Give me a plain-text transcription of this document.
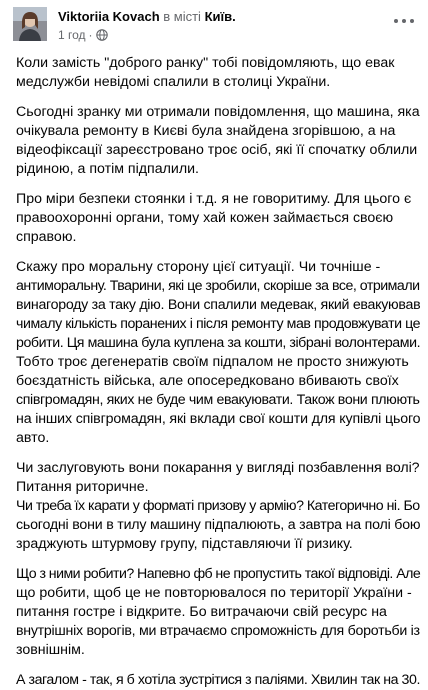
Viktoriia Kovach в місті Київ.
1 год ·
Коли замість "доброго ранку" тобі повідомляють, що евак
медслужби невідомі спалили в столиці України.
Сьогодні зранку ми отримали повідомлення, що машина, яка
очікувала ремонту в Києві була знайдена згорівшою, а на
відеофіксації зареєстровано троє осіб, які її спочатку облили
рідиною, а потім підпалили.
Про міри безпеки стоянки і т.д. я не говоритиму. Для цього є
правоохоронні органи, тому хай кожен займається своєю
справою.
Скажу про моральну сторону цієї ситуації. Чи точніше -
антиморальну. Тварини, які це зробили, скоріше за все, отримали
винагороду за таку дію. Вони спалили медевак, який евакуював
чималу кількість поранених і після ремонту мав продовжувати це
робити. Ця машина була куплена за кошти, зібрані волонтерами.
Тобто троє дегенератів своїм підпалом не просто знижують
боєздатність війська, але опосередковано вбивають своїх
співгромадян, яких не буде чим евакуювати. Також вони плюють
на інших співгромадян, які вклади свої кошти для купівлі цього
авто.
Чи заслуговують вони покарання у вигляді позбавлення волі?
Питання риторичне.
Чи треба їх карати у форматі призову у армію? Категорично ні. Бо
сьогодні вони в тилу машину підпалюють, а завтра на полі бою
зраджують штурмову групу, підставляючи її ризику.
Що з ними робити? Напевно фб не пропустить такої відповіді. Але
що робити, щоб це не повторювалося по території України -
питання гостре і відкрите. Бо витрачаючи свій ресурс на
внутрішніх ворогів, ми втрачаємо спроможність для боротьби із
зовнішнім.
А загалом - так, я б хотіла зустрітися з паліями. Хвилин так на 30.
